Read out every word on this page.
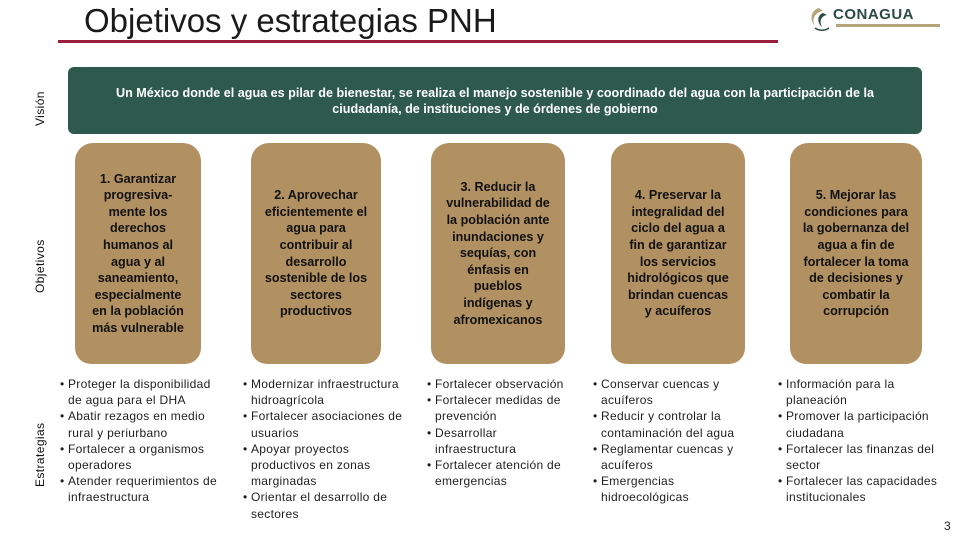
Objetivos y estrategias PNH	CONAGUA
Visión
Objetivos
Estrategias
Un México donde el agua es pilar de bienestar, se realiza el manejo sostenible y coordinado del agua con la participación de la ciudadanía, de instituciones y de órdenes de gobierno
1. Garantizar progresiva-mente los derechos humanos al agua y al saneamiento, especialmente en la población más vulnerable
2. Aprovechar eficientemente el agua para contribuir al desarrollo sostenible de los sectores productivos
3. Reducir la vulnerabilidad de la población ante inundaciones y sequías, con énfasis en pueblos indígenas y afromexicanos
4. Preservar la integralidad del ciclo del agua a fin de garantizar los servicios hidrológicos que brindan cuencas y acuíferos
5. Mejorar las condiciones para la gobernanza del agua a fin de fortalecer la toma de decisiones y combatir la corrupción
• Proteger la disponibilidad de agua para el DHA
• Abatir rezagos en medio rural y periurbano
• Fortalecer a organismos operadores
• Atender requerimientos de infraestructura
• Modernizar infraestructura hidroagrícola
• Fortalecer asociaciones de usuarios
• Apoyar proyectos productivos en zonas marginadas
• Orientar el desarrollo de sectores
• Fortalecer observación
• Fortalecer medidas de prevención
• Desarrollar infraestructura
• Fortalecer atención de emergencias
• Conservar cuencas y acuíferos
• Reducir y controlar la contaminación del agua
• Reglamentar cuencas y acuíferos
• Emergencias hidroecológicas
• Información para la planeación
• Promover la participación ciudadana
• Fortalecer las finanzas del sector
• Fortalecer las capacidades institucionales
3
